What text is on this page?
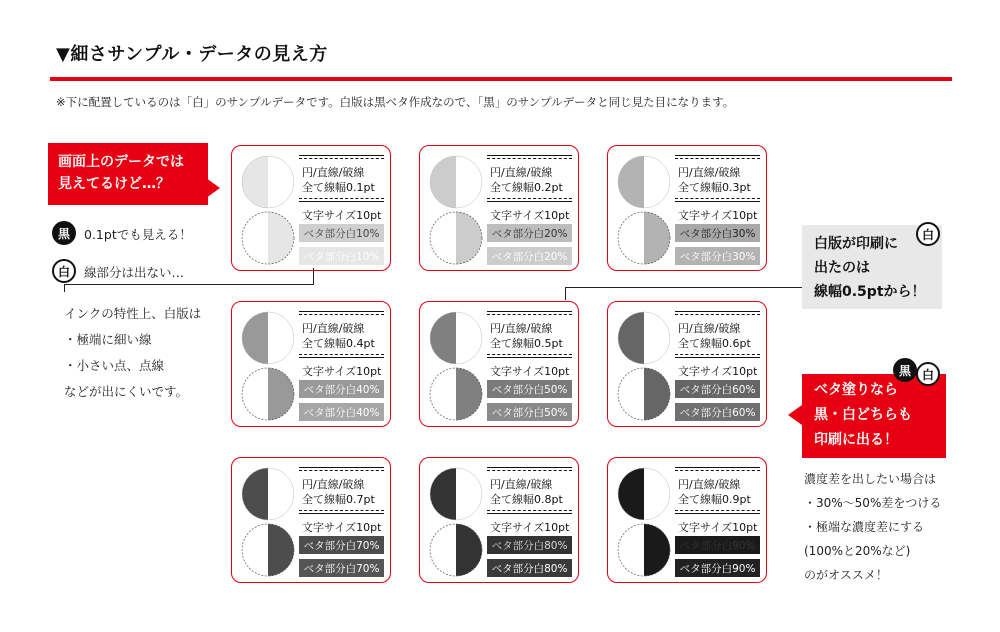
▼細さサンプル・データの見え方
※下に配置しているのは「白」のサンプルデータです。白版は黒ベタ作成なので、「黒」のサンプルデータと同じ見た目になります。
画面上のデータでは
見えてるけど…？
黒	0.1ptでも見える！
白	線部分は出ない…
インクの特性上、白版は
・極端に細い線
・小さい点、点線
などが出にくいです。
円/直線/破線
全て線幅0.1pt
文字サイズ10pt
ベタ部分白10%
ベタ部分白10%
円/直線/破線
全て線幅0.2pt
文字サイズ10pt
ベタ部分白20%
ベタ部分白20%
円/直線/破線
全て線幅0.3pt
文字サイズ10pt
ベタ部分白30%
ベタ部分白30%
円/直線/破線
全て線幅0.4pt
文字サイズ10pt
ベタ部分白40%
ベタ部分白40%
円/直線/破線
全て線幅0.5pt
文字サイズ10pt
ベタ部分白50%
ベタ部分白50%
円/直線/破線
全て線幅0.6pt
文字サイズ10pt
ベタ部分白60%
ベタ部分白60%
円/直線/破線
全て線幅0.7pt
文字サイズ10pt
ベタ部分白70%
ベタ部分白70%
円/直線/破線
全て線幅0.8pt
文字サイズ10pt
ベタ部分白80%
ベタ部分白80%
円/直線/破線
全て線幅0.9pt
文字サイズ10pt
ベタ部分白90%
ベタ部分白90%
白版が印刷に
出たのは
線幅0.5ptから！
白
ベタ塗りなら
黒・白どちらも
印刷に出る！
黒 白
濃度差を出したい場合は
・30%〜50%差をつける
・極端な濃度差にする
(100%と20%など)
のがオススメ！
